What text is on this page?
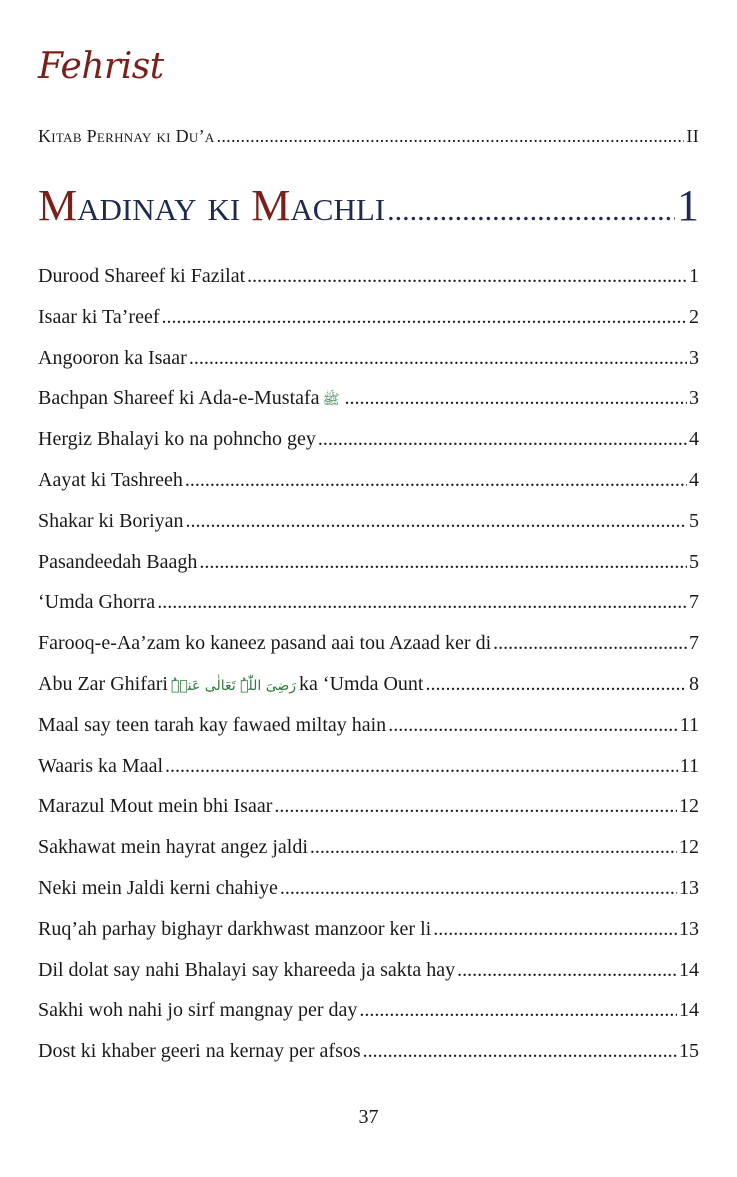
Fehrist
Kitab Perhnay ki Du’a .....	II
Madinay ki Machli .....	1
Durood Shareef ki Fazilat .....	1
Isaar ki Ta’reef .....	2
Angooron ka Isaar .....	3
Bachpan Shareef ki Ada-e-Mustafa ﷺ .....	3
Hergiz Bhalayi ko na pohncho gey .....	4
Aayat ki Tashreeh .....	4
Shakar ki Boriyan .....	5
Pasandeedah Baagh .....	5
‘Umda Ghorra .....	7
Farooq-e-Aa’zam ko kaneez pasand aai tou Azaad ker di .....	7
Abu Zar Ghifari رَضِیَ اللّٰہُ تَعَالٰی عَنۡہُ ka ‘Umda Ount .....	8
Maal say teen tarah kay fawaed miltay hain .....	11
Waaris ka Maal .....	11
Marazul Mout mein bhi Isaar .....	12
Sakhawat mein hayrat angez jaldi .....	12
Neki mein Jaldi kerni chahiye .....	13
Ruq’ah parhay bighayr darkhwast manzoor ker li .....	13
Dil dolat say nahi Bhalayi say khareeda ja sakta hay .....	14
Sakhi woh nahi jo sirf mangnay per day .....	14
Dost ki khaber geeri na kernay per afsos .....	15
37
